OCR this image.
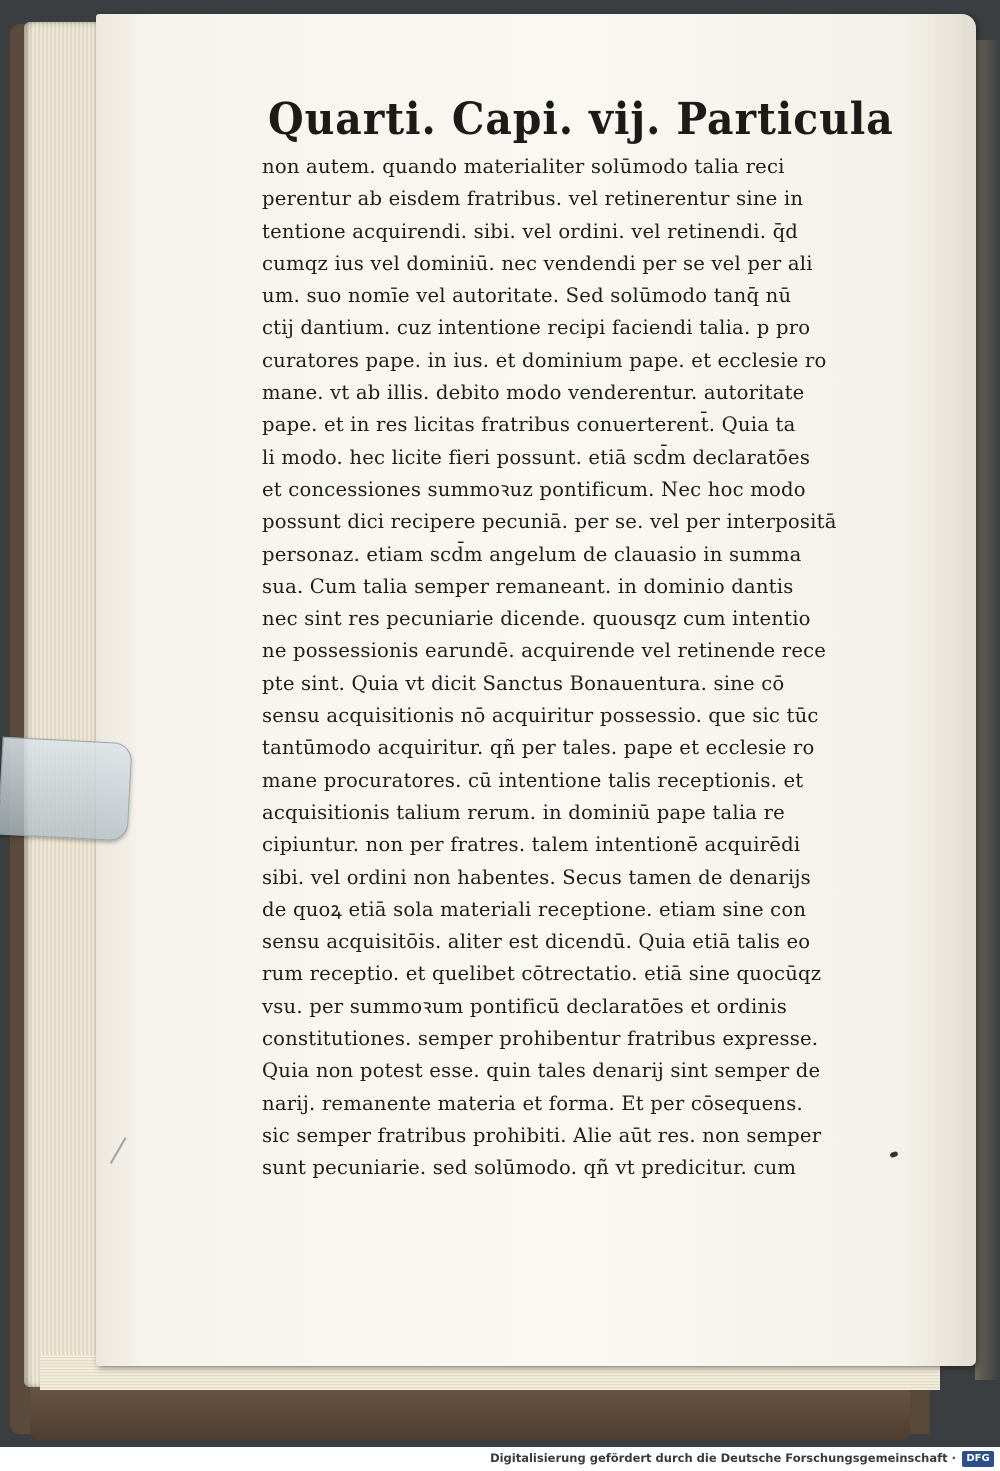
Quarti. Capi. vij. Particula
non autem. quando materialiter solūmodo talia reci
perentur ab eisdem fratribus. vel retinerentur sine in
tentione acquirendi. sibi. vel ordini. vel retinendi. q̄d
cumqz ius vel dominiū. nec vendendi per se vel per ali
um. suo nomīe vel autoritate. Sed solūmodo tanq̄ nū
ctij dantium. cuz intentione recipi faciendi talia. p pro
curatores pape. in ius. et dominium pape. et ecclesie ro
mane. vt ab illis. debito modo venderentur. autoritate
pape. et in res licitas fratribus conuerterent̄. Quia ta
li modo. hec licite fieri possunt. etiā scd̄m declaratōes
et concessiones summoꝛuz pontificum. Nec hoc modo
possunt dici recipere pecuniā. per se. vel per interpositā
personaz. etiam scd̄m angelum de clauasio in summa
sua. Cum talia semper remaneant. in dominio dantis
nec sint res pecuniarie dicende. quousqz cum intentio
ne possessionis earundē. acquirende vel retinende rece
pte sint. Quia vt dicit Sanctus Bonauentura. sine cō
sensu acquisitionis nō acquiritur possessio. que sic tūc
tantūmodo acquiritur. qñ per tales. pape et ecclesie ro
mane procuratores. cū intentione talis receptionis. et
acquisitionis talium rerum. in dominiū pape talia re
cipiuntur. non per fratres. talem intentionē acquirēdi
sibi. vel ordini non habentes. Secus tamen de denarijs
de quoꝝ etiā sola materiali receptione. etiam sine con
sensu acquisitōis. aliter est dicendū. Quia etiā talis eo
rum receptio. et quelibet cōtrectatio. etiā sine quocūqz
vsu. per summoꝛum pontificū declaratōes et ordinis
constitutiones. semper prohibentur fratribus expresse.
Quia non potest esse. quin tales denarij sint semper de
narij. remanente materia et forma. Et per cōsequens.
sic semper fratribus prohibiti. Alie aūt res. non semper
sunt pecuniarie. sed solūmodo. qñ vt predicitur. cum
Digitalisierung gefördert durch die Deutsche Forschungsgemeinschaft ·	DFG
